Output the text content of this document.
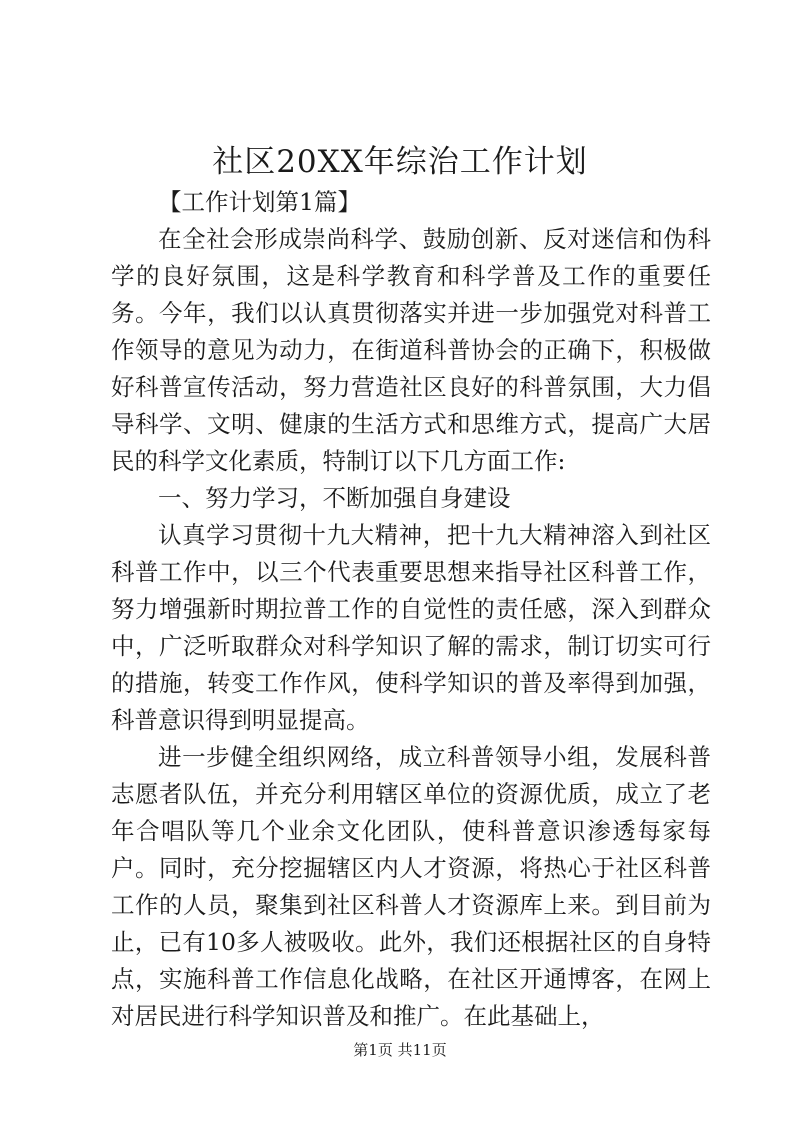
社区20XX年综治工作计划

【工作计划第1篇】

在全社会形成崇尚科学、鼓励创新、反对迷信和伪科学的良好氛围，这是科学教育和科学普及工作的重要任务。今年，我们以认真贯彻落实并进一步加强党对科普工作领导的意见为动力，在街道科普协会的正确下，积极做好科普宣传活动，努力营造社区良好的科普氛围，大力倡导科学、文明、健康的生活方式和思维方式，提高广大居民的科学文化素质，特制订以下几方面工作:

一、努力学习，不断加强自身建设

认真学习贯彻十九大精神，把十九大精神溶入到社区科普工作中，以三个代表重要思想来指导社区科普工作，努力增强新时期拉普工作的自觉性的责任感，深入到群众中，广泛听取群众对科学知识了解的需求，制订切实可行的措施，转变工作作风，使科学知识的普及率得到加强，科普意识得到明显提高。

进一步健全组织网络，成立科普领导小组，发展科普志愿者队伍，并充分利用辖区单位的资源优质，成立了老年合唱队等几个业余文化团队，使科普意识渗透每家每户。同时，充分挖掘辖区内人才资源，将热心于社区科普工作的人员，聚集到社区科普人才资源库上来。到目前为止，已有10多人被吸收。此外，我们还根据社区的自身特点，实施科普工作信息化战略，在社区开通博客，在网上对居民进行科学知识普及和推广。在此基础上，

第1页 共11页
